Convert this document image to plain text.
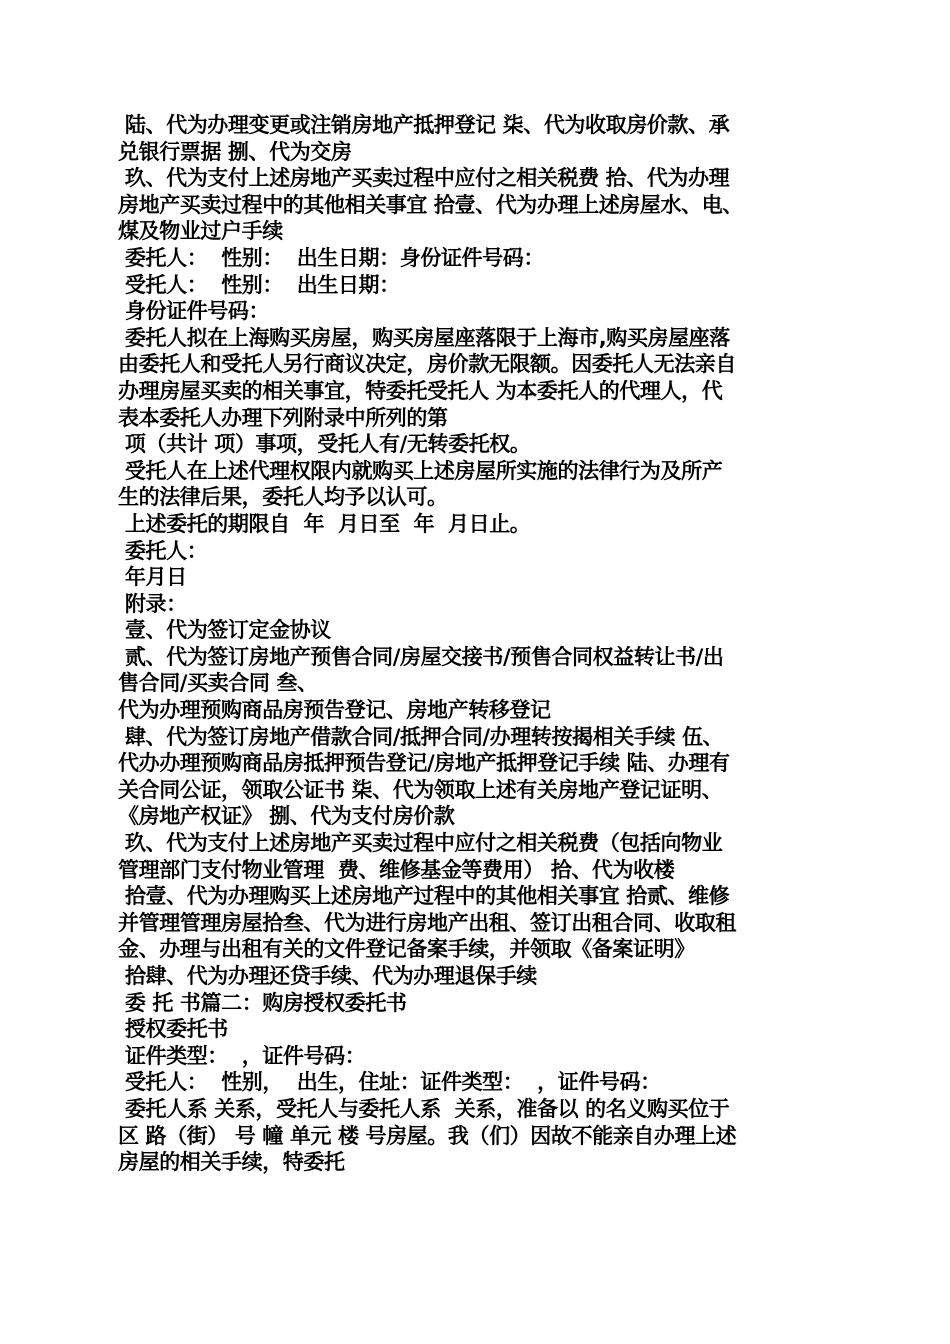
陆、代为办理变更或注销房地产抵押登记 柒、代为收取房价款、承
兑银行票据 捌、代为交房
玖、代为支付上述房地产买卖过程中应付之相关税费 拾、代为办理
房地产买卖过程中的其他相关事宜 拾壹、代为办理上述房屋水、电、
煤及物业过户手续
委托人：  性别：  出生日期：身份证件号码：
受托人：  性别：  出生日期：
身份证件号码：
委托人拟在上海购买房屋，购买房屋座落限于上海市,购买房屋座落
由委托人和受托人另行商议决定，房价款无限额。因委托人无法亲自
办理房屋买卖的相关事宜，特委托受托人 为本委托人的代理人，代
表本委托人办理下列附录中所列的第
项（共计 项）事项，受托人有/无转委托权。
受托人在上述代理权限内就购买上述房屋所实施的法律行为及所产
生的法律后果，委托人均予以认可。
上述委托的期限自  年  月日至  年  月日止。
委托人：
年月日
附录：
壹、代为签订定金协议
贰、代为签订房地产预售合同/房屋交接书/预售合同权益转让书/出
售合同/买卖合同 叁、
代为办理预购商品房预告登记、房地产转移登记
肆、代为签订房地产借款合同/抵押合同/办理转按揭相关手续 伍、
代办办理预购商品房抵押预告登记/房地产抵押登记手续 陆、办理有
关合同公证，领取公证书 柒、代为领取上述有关房地产登记证明、
《房地产权证》 捌、代为支付房价款
玖、代为支付上述房地产买卖过程中应付之相关税费（包括向物业
管理部门支付物业管理  费、维修基金等费用） 拾、代为收楼
拾壹、代为办理购买上述房地产过程中的其他相关事宜 拾贰、维修
并管理管理房屋拾叁、代为进行房地产出租、签订出租合同、收取租
金、办理与出租有关的文件登记备案手续，并领取《备案证明》
拾肆、代为办理还贷手续、代为办理退保手续
委 托 书篇二：购房授权委托书
授权委托书
证件类型：  ，证件号码：
受托人：  性别，  出生，住址：证件类型：  ，证件号码：
委托人系 关系，受托人与委托人系  关系，准备以 的名义购买位于
区 路（街） 号 幢 单元 楼 号房屋。我（们）因故不能亲自办理上述
房屋的相关手续，特委托
